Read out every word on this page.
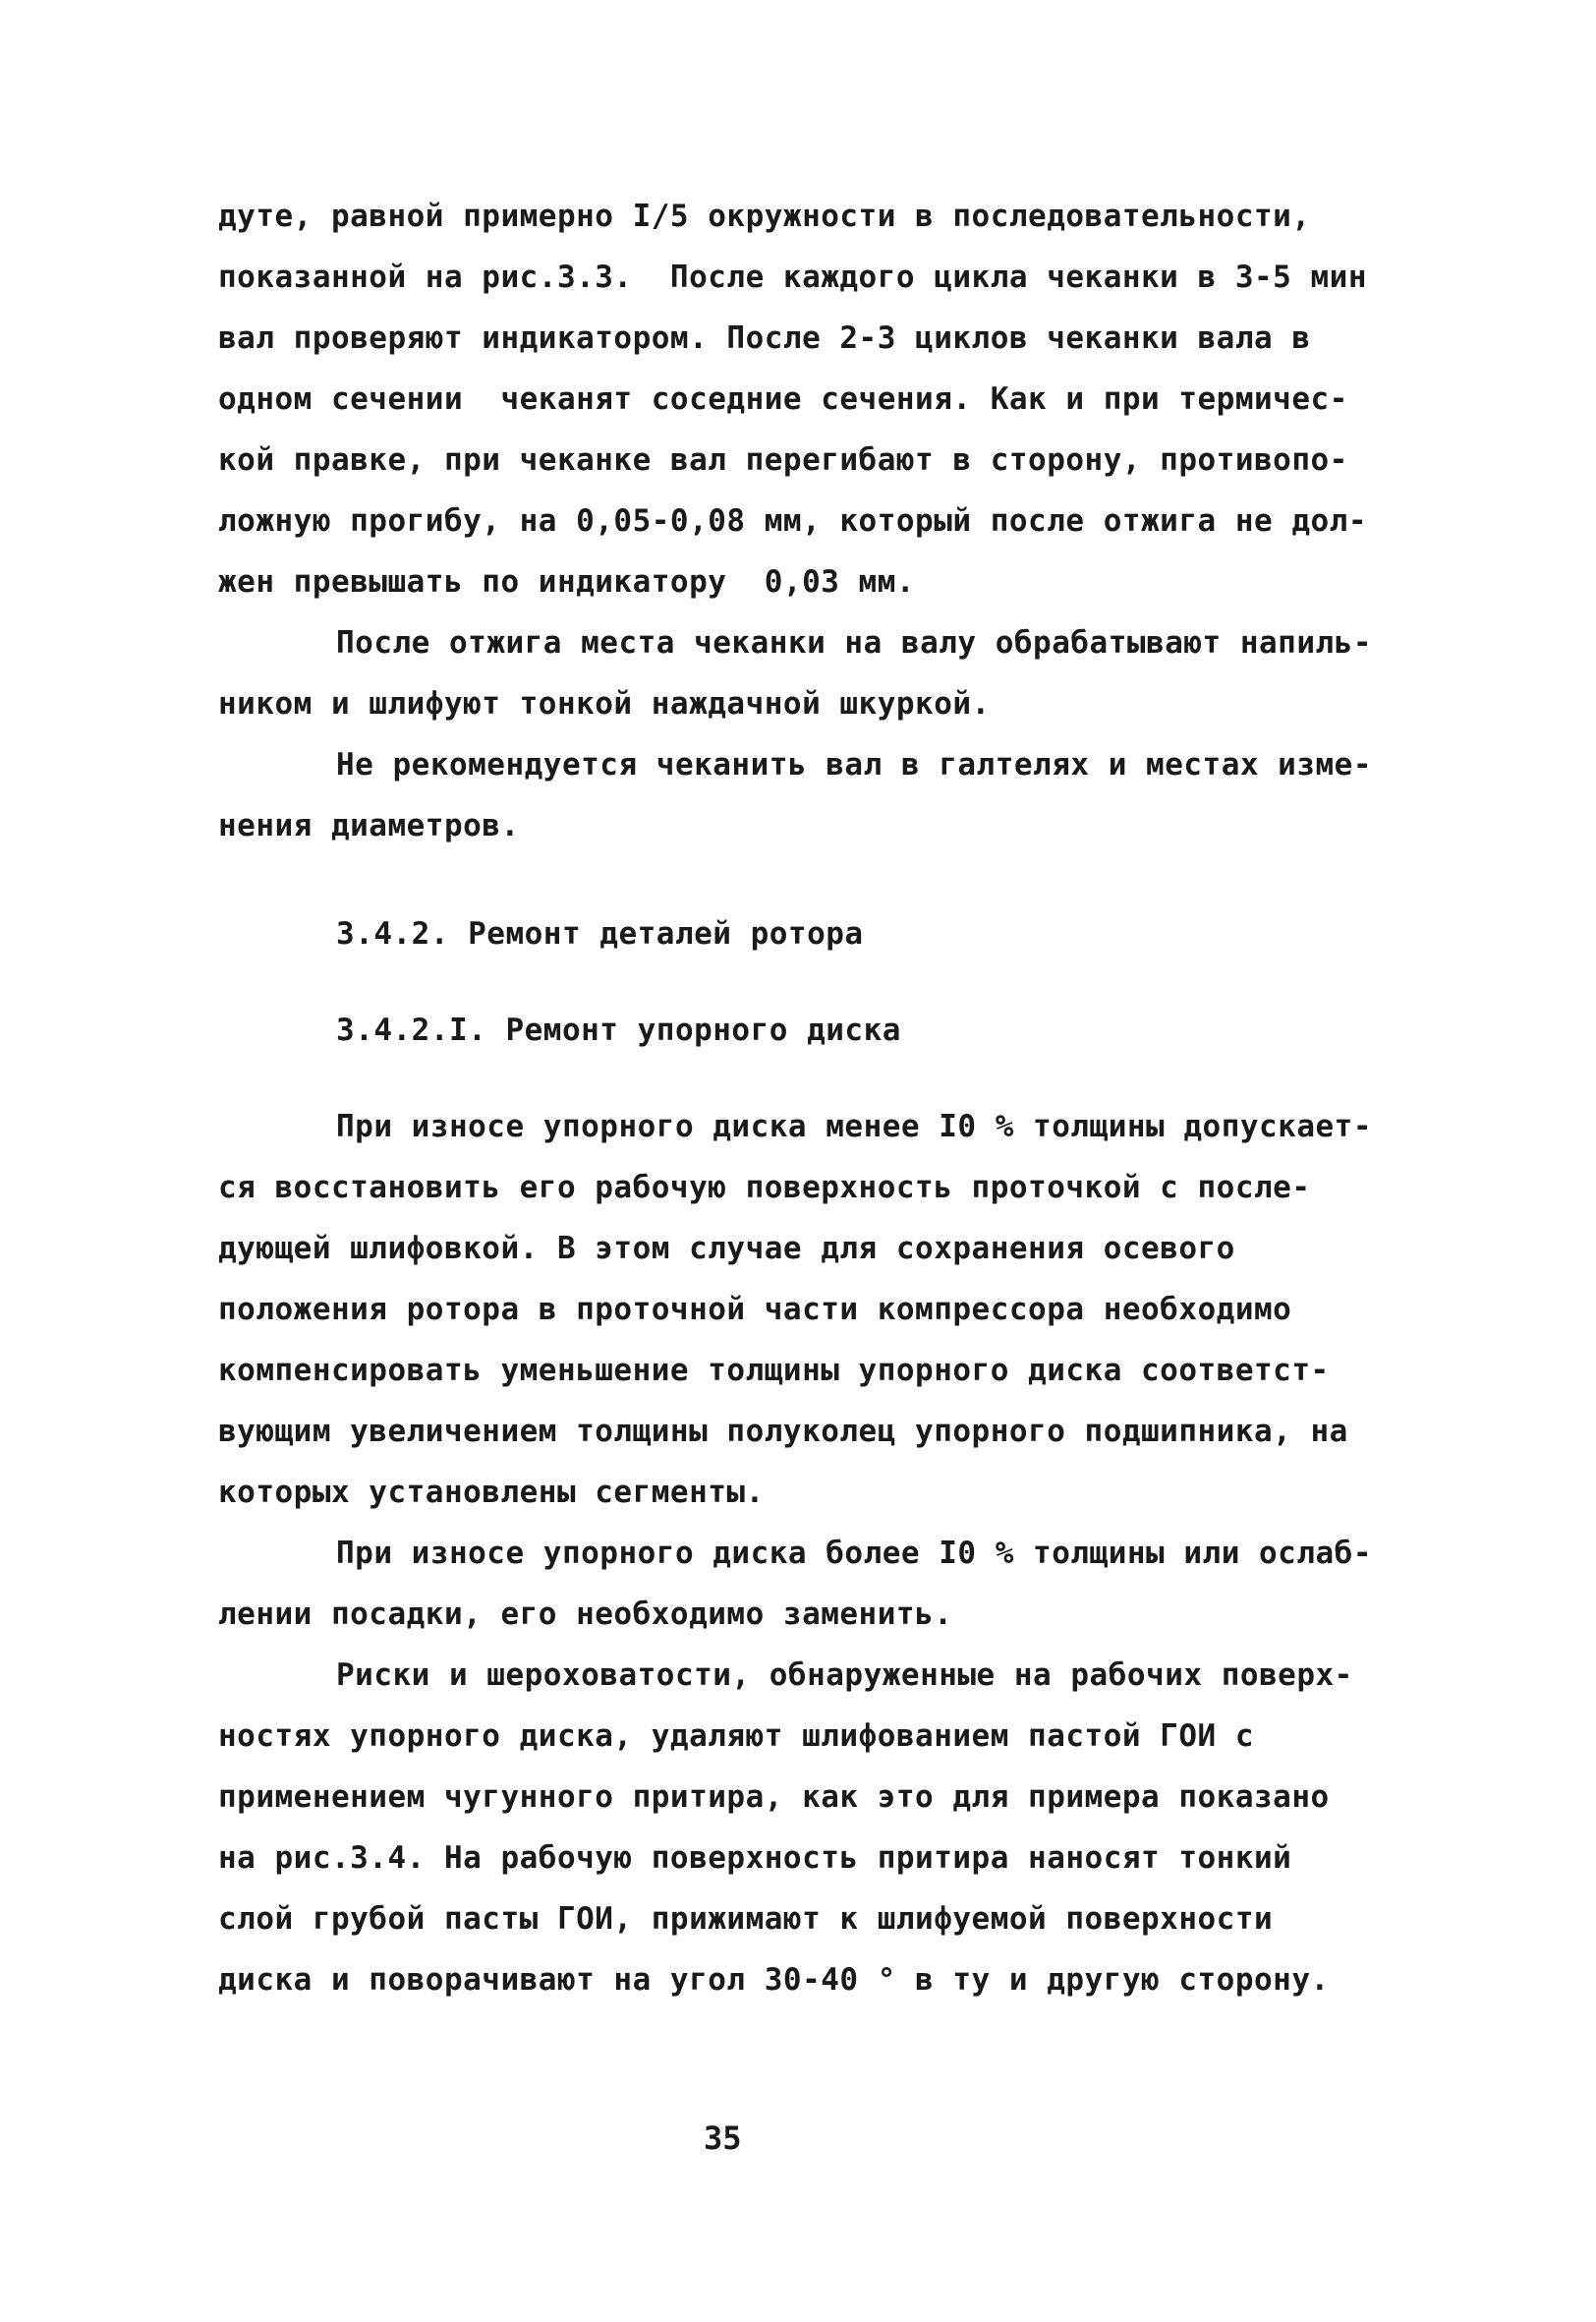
дуте, равной примерно I/5 окружности в последовательности,
показанной на рис.3.3.  После каждого цикла чеканки в 3-5 мин
вал проверяют индикатором. После 2-3 циклов чеканки вала в
одном сечении  чеканят соседние сечения. Как и при термичес-
кой правке, при чеканке вал перегибают в сторону, противопо-
ложную прогибу, на 0,05-0,08 мм, который после отжига не дол-
жен превышать по индикатору  0,03 мм.
После отжига места чеканки на валу обрабатывают напиль-
ником и шлифуют тонкой наждачной шкуркой.
Не рекомендуется чеканить вал в галтелях и местах изме-
нения диаметров.
3.4.2. Ремонт деталей ротора
3.4.2.I. Ремонт упорного диска
При износе упорного диска менее I0 % толщины допускает-
ся восстановить его рабочую поверхность проточкой с после-
дующей шлифовкой. В этом случае для сохранения осевого
положения ротора в проточной части компрессора необходимо
компенсировать уменьшение толщины упорного диска соответст-
вующим увеличением толщины полуколец упорного подшипника, на
которых установлены сегменты.
При износе упорного диска более I0 % толщины или ослаб-
лении посадки, его необходимо заменить.
Риски и шероховатости, обнаруженные на рабочих поверх-
ностях упорного диска, удаляют шлифованием пастой ГОИ с
применением чугунного притира, как это для примера показано
на рис.3.4. На рабочую поверхность притира наносят тонкий
слой грубой пасты ГОИ, прижимают к шлифуемой поверхности
диска и поворачивают на угол 30-40 ° в ту и другую сторону.
35
